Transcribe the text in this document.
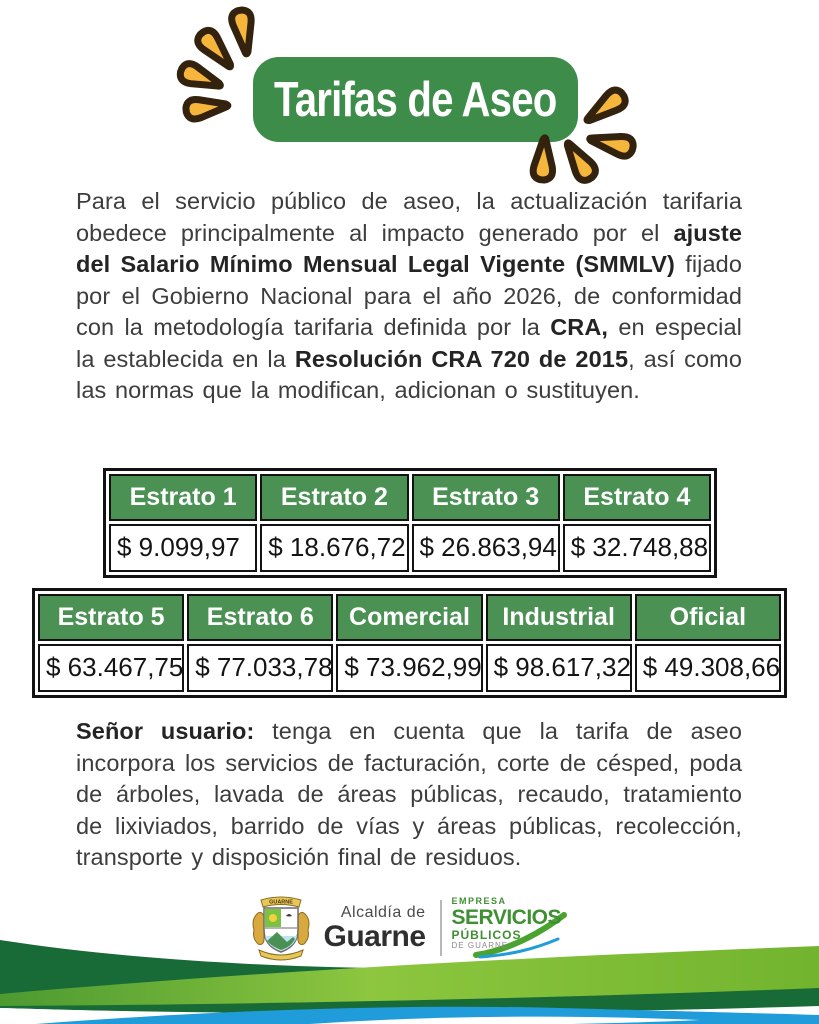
Tarifas de Aseo

Para el servicio público de aseo, la actualización tarifaria obedece principalmente al impacto generado por el ajuste del Salario Mínimo Mensual Legal Vigente (SMMLV) fijado por el Gobierno Nacional para el año 2026, de conformidad con la metodología tarifaria definida por la CRA, en especial la establecida en la Resolución CRA 720 de 2015, así como las normas que la modifican, adicionan o sustituyen.

Estrato 1	Estrato 2	Estrato 3	Estrato 4
$ 9.099,97	$ 18.676,72	$ 26.863,94	$ 32.748,88
Estrato 5	Estrato 6	Comercial	Industrial	Oficial
$ 63.467,75	$ 77.033,78	$ 73.962,99	$ 98.617,32	$ 49.308,66

Señor usuario: tenga en cuenta que la tarifa de aseo incorpora los servicios de facturación, corte de césped, poda de árboles, lavada de áreas públicas, recaudo, tratamiento de lixiviados, barrido de vías y áreas públicas, recolección, transporte y disposición final de residuos.

GUARNE
Alcaldía de
Guarne
EMPRESA
SERVICIOS
PÚBLICOS
DE GUARNE
